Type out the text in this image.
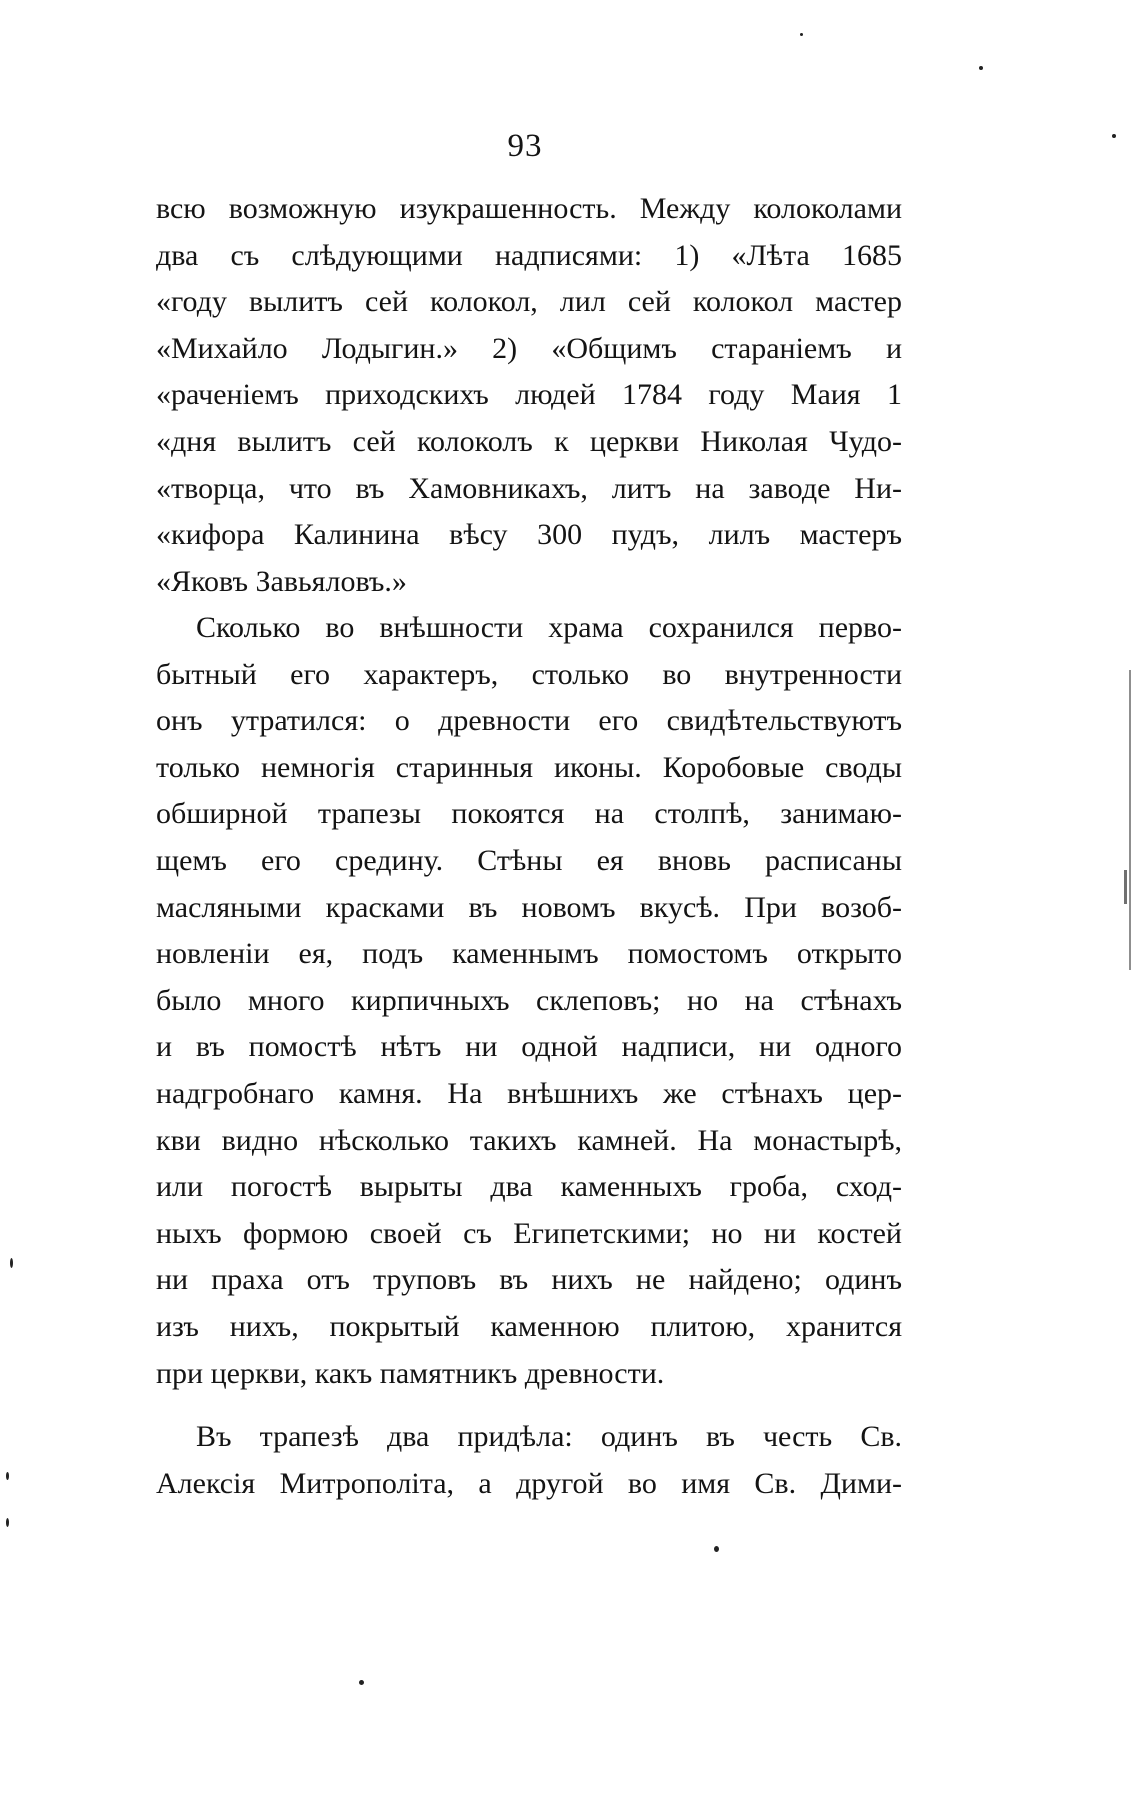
93
всю возможную изукрашенность. Между колоколами
два съ слѣдующими надписями: 1) «Лѣта 1685
«году вылитъ сей колокол, лил сей колокол мастер
«Михайло Лодыгин.» 2) «Общимъ стараніемъ и
«раченіемъ приходскихъ людей 1784 году Маия 1
«дня вылитъ сей колоколъ к церкви Николая Чудо-
«творца, что въ Хамовникахъ, литъ на заводе Ни-
«кифора Калинина вѣсу 300 пудъ, лилъ мастеръ
«Яковъ Завьяловъ.»
Сколько во внѣшности храма сохранился перво-
бытный его характеръ, столько во внутренности
онъ утратился: о древности его свидѣтельствуютъ
только немногія старинныя иконы. Коробовые своды
обширной трапезы покоятся на столпѣ, занимаю-
щемъ его средину. Стѣны ея вновь расписаны
масляными красками въ новомъ вкусѣ. При возоб-
новленіи ея, подъ каменнымъ помостомъ открыто
было много кирпичныхъ склеповъ; но на стѣнахъ
и въ помостѣ нѣтъ ни одной надписи, ни одного
надгробнаго камня. На внѣшнихъ же стѣнахъ цер-
кви видно нѣсколько такихъ камней. На монастырѣ,
или погостѣ вырыты два каменныхъ гроба, сход-
ныхъ формою своей съ Египетскими; но ни костей
ни праха отъ труповъ въ нихъ не найдено; одинъ
изъ нихъ, покрытый каменною плитою, хранится
при церкви, какъ памятникъ древности.
Въ трапезѣ два придѣла: одинъ въ честь Св.
Алексія Митрополіта, а другой во имя Св. Дими-
